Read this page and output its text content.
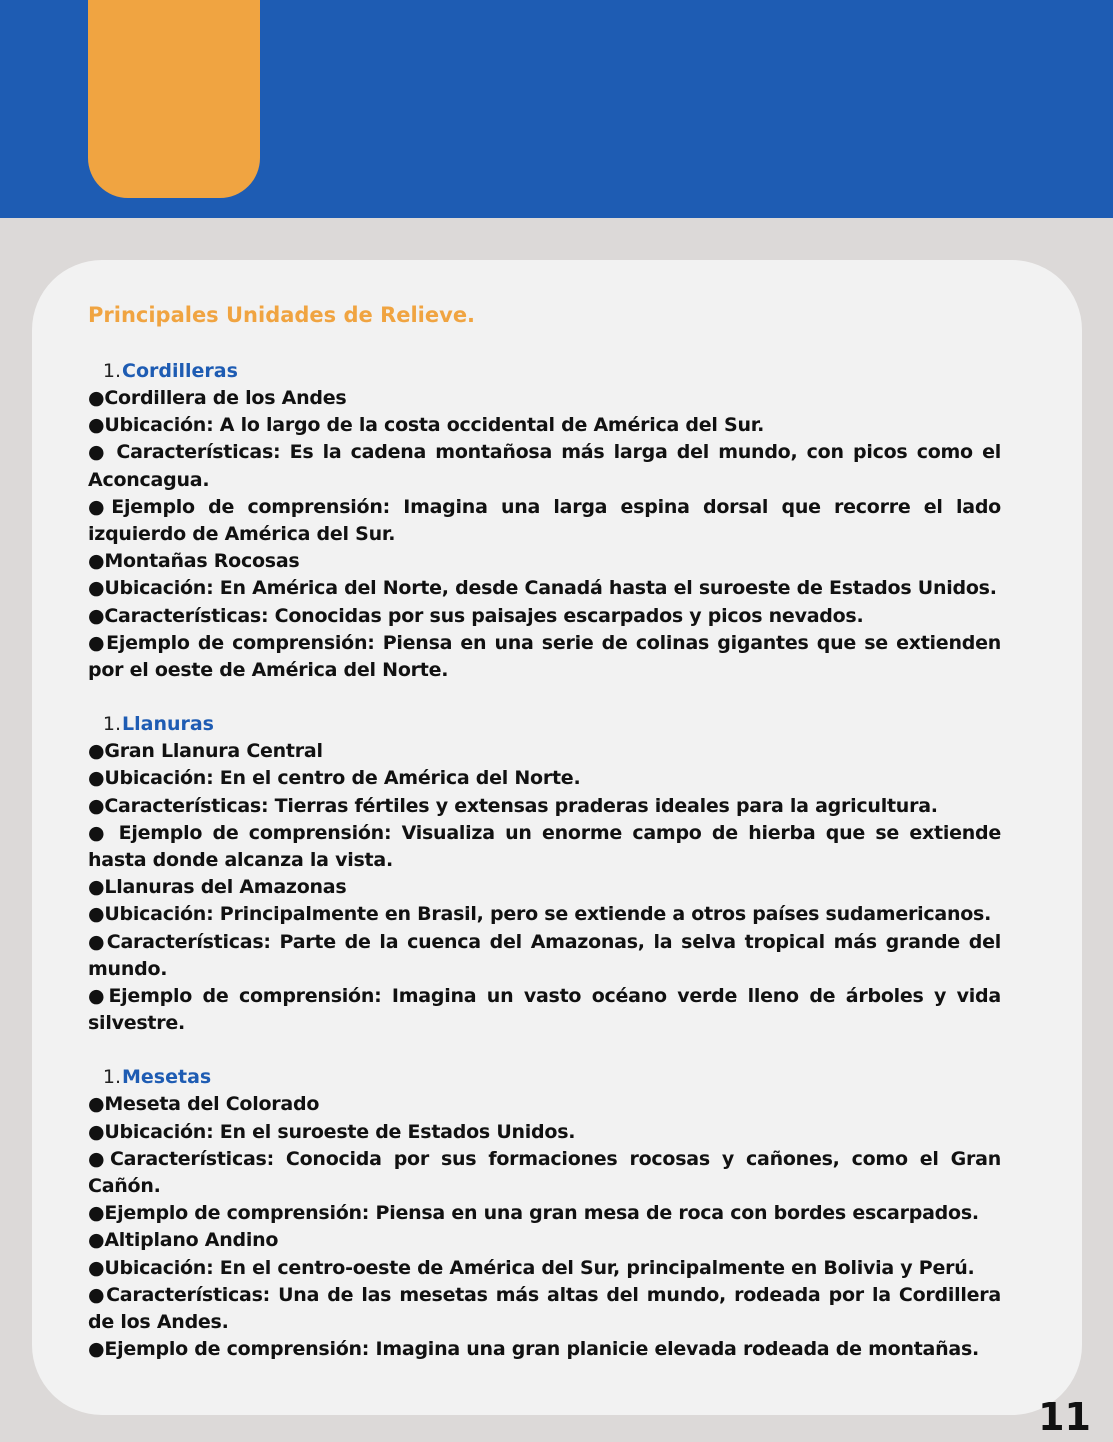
Principales Unidades de Relieve.

1.Cordilleras

●Cordillera de los Andes

●Ubicación: A lo largo de la costa occidental de América del Sur.

● Características: Es la cadena montañosa más larga del mundo, con picos como el Aconcagua.

●Ejemplo de comprensión: Imagina una larga espina dorsal que recorre el lado izquierdo de América del Sur.

●Montañas Rocosas

●Ubicación: En América del Norte, desde Canadá hasta el suroeste de Estados Unidos.

●Características: Conocidas por sus paisajes escarpados y picos nevados.

●Ejemplo de comprensión: Piensa en una serie de colinas gigantes que se extienden por el oeste de América del Norte.

1.Llanuras

●Gran Llanura Central

●Ubicación: En el centro de América del Norte.

●Características: Tierras fértiles y extensas praderas ideales para la agricultura.

● Ejemplo de comprensión: Visualiza un enorme campo de hierba que se extiende hasta donde alcanza la vista.

●Llanuras del Amazonas

●Ubicación: Principalmente en Brasil, pero se extiende a otros países sudamericanos.

●Características: Parte de la cuenca del Amazonas, la selva tropical más grande del mundo.

●Ejemplo de comprensión: Imagina un vasto océano verde lleno de árboles y vida silvestre.

1.Mesetas

●Meseta del Colorado

●Ubicación: En el suroeste de Estados Unidos.

●Características: Conocida por sus formaciones rocosas y cañones, como el Gran Cañón.

●Ejemplo de comprensión: Piensa en una gran mesa de roca con bordes escarpados.

●Altiplano Andino

●Ubicación: En el centro-oeste de América del Sur, principalmente en Bolivia y Perú.

●Características: Una de las mesetas más altas del mundo, rodeada por la Cordillera de los Andes.

●Ejemplo de comprensión: Imagina una gran planicie elevada rodeada de montañas.

11
